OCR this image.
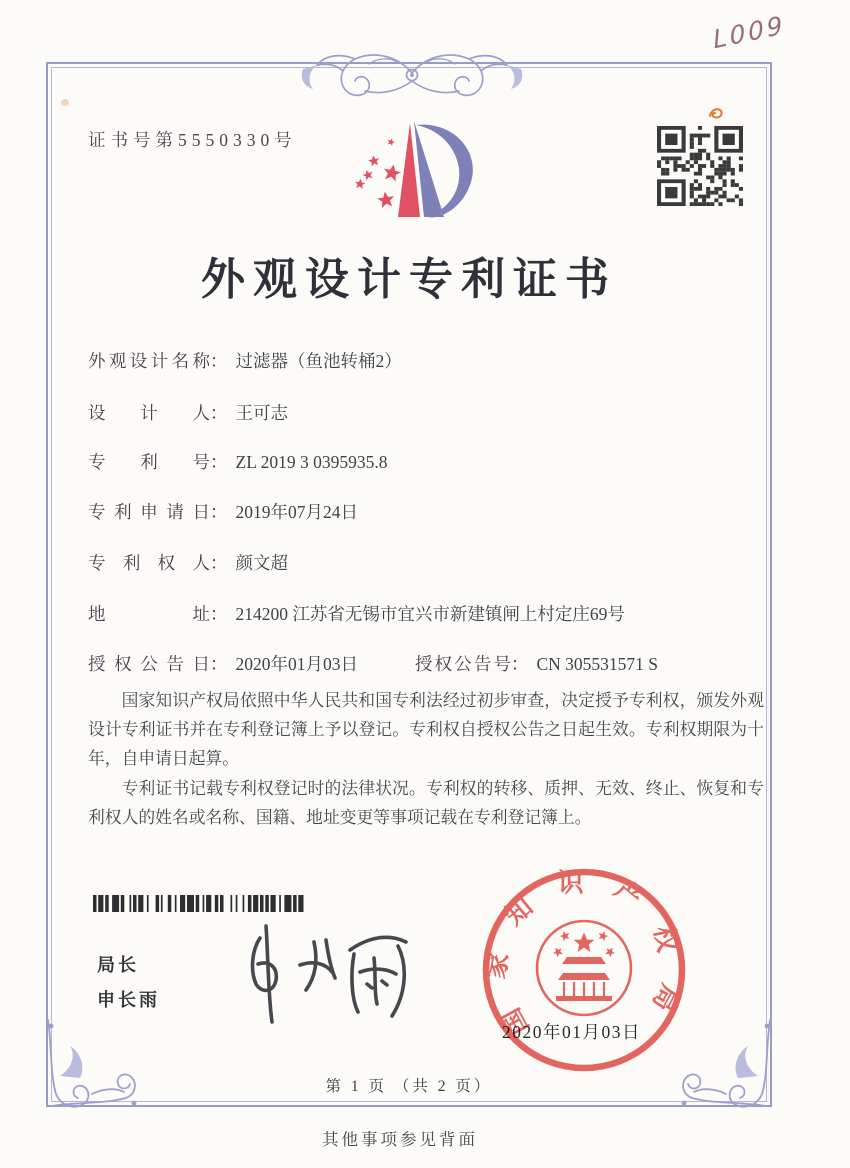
证书号第5550330号
L009
外观设计专利证书
外观设计名称： 过滤器（鱼池转桶2）
设计人： 王可志
专利号： ZL 2019 3 0395935.8
专利申请日： 2019年07月24日
专利权人： 颜文超
地址： 214200 江苏省无锡市宜兴市新建镇闸上村定庄69号
授权公告日： 2020年01月03日	授权公告号： CN 305531571 S

国家知识产权局依照中华人民共和国专利法经过初步审查，决定授予专利权，颁发外观设计专利证书并在专利登记簿上予以登记。专利权自授权公告之日起生效。专利权期限为十年，自申请日起算。

专利证书记载专利权登记时的法律状况。专利权的转移、质押、无效、终止、恢复和专利权人的姓名或名称、国籍、地址变更等事项记载在专利登记簿上。

局长
申长雨
2020年01月03日
国家知识产权局
第 1 页 （共 2 页）
其他事项参见背面
